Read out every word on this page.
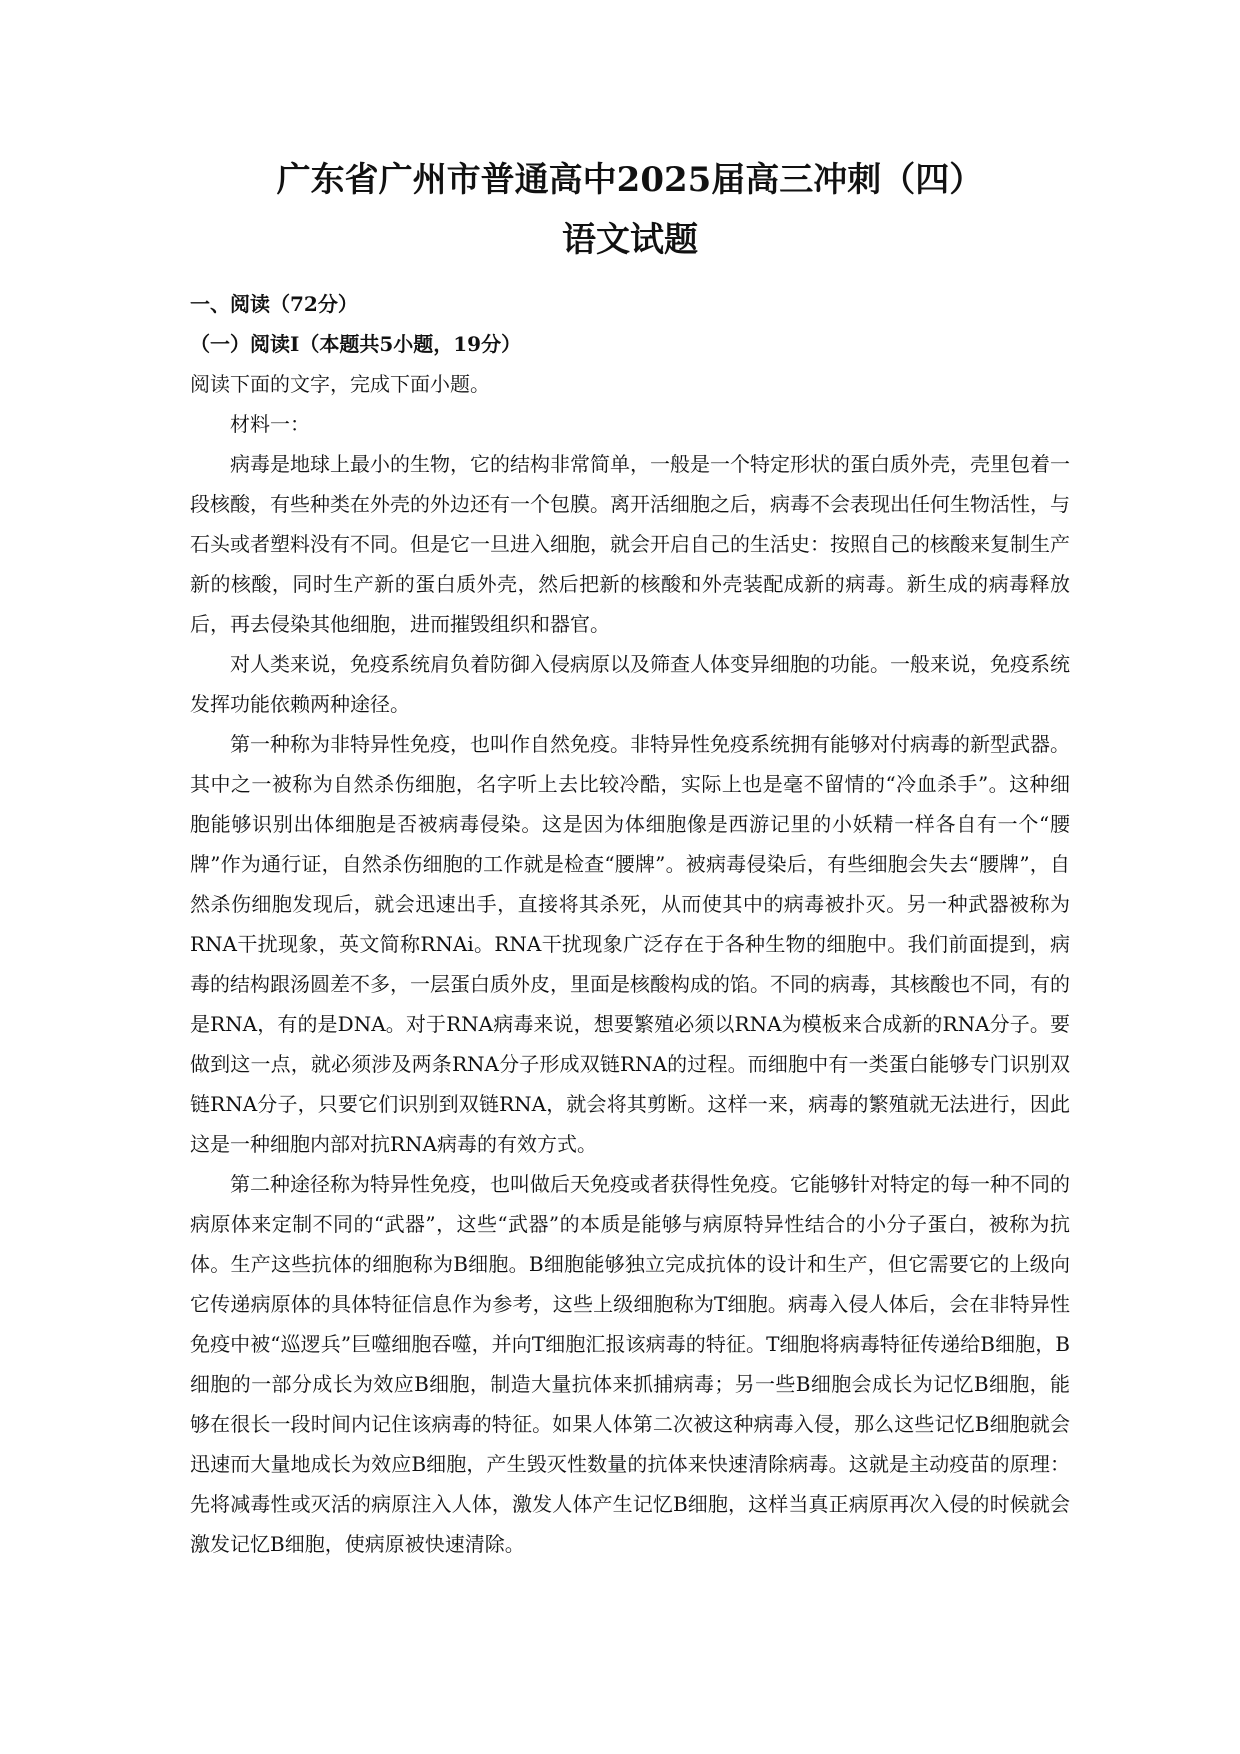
广东省广州市普通高中2025届高三冲刺（四）
语文试题

一、阅读（72分）

（一）阅读Ⅰ（本题共5小题，19分）

阅读下面的文字，完成下面小题。

材料一：

病毒是地球上最小的生物，它的结构非常简单，一般是一个特定形状的蛋白质外壳，壳里包着一段核酸，有些种类在外壳的外边还有一个包膜。离开活细胞之后，病毒不会表现出任何生物活性，与石头或者塑料没有不同。但是它一旦进入细胞，就会开启自己的生活史：按照自己的核酸来复制生产新的核酸，同时生产新的蛋白质外壳，然后把新的核酸和外壳装配成新的病毒。新生成的病毒释放后，再去侵染其他细胞，进而摧毁组织和器官。

对人类来说，免疫系统肩负着防御入侵病原以及筛查人体变异细胞的功能。一般来说，免疫系统发挥功能依赖两种途径。

第一种称为非特异性免疫，也叫作自然免疫。非特异性免疫系统拥有能够对付病毒的新型武器。其中之一被称为自然杀伤细胞，名字听上去比较冷酷，实际上也是毫不留情的“冷血杀手”。这种细胞能够识别出体细胞是否被病毒侵染。这是因为体细胞像是西游记里的小妖精一样各自有一个“腰牌”作为通行证，自然杀伤细胞的工作就是检查“腰牌”。被病毒侵染后，有些细胞会失去“腰牌”，自然杀伤细胞发现后，就会迅速出手，直接将其杀死，从而使其中的病毒被扑灭。另一种武器被称为RNA干扰现象，英文简称RNAi。RNA干扰现象广泛存在于各种生物的细胞中。我们前面提到，病毒的结构跟汤圆差不多，一层蛋白质外皮，里面是核酸构成的馅。不同的病毒，其核酸也不同，有的是RNA，有的是DNA。对于RNA病毒来说，想要繁殖必须以RNA为模板来合成新的RNA分子。要做到这一点，就必须涉及两条RNA分子形成双链RNA的过程。而细胞中有一类蛋白能够专门识别双链RNA分子，只要它们识别到双链RNA，就会将其剪断。这样一来，病毒的繁殖就无法进行，因此这是一种细胞内部对抗RNA病毒的有效方式。

第二种途径称为特异性免疫，也叫做后天免疫或者获得性免疫。它能够针对特定的每一种不同的病原体来定制不同的“武器”，这些“武器”的本质是能够与病原特异性结合的小分子蛋白，被称为抗体。生产这些抗体的细胞称为B细胞。B细胞能够独立完成抗体的设计和生产，但它需要它的上级向它传递病原体的具体特征信息作为参考，这些上级细胞称为T细胞。病毒入侵人体后，会在非特异性免疫中被“巡逻兵”巨噬细胞吞噬，并向T细胞汇报该病毒的特征。T细胞将病毒特征传递给B细胞，B细胞的一部分成长为效应B细胞，制造大量抗体来抓捕病毒；另一些B细胞会成长为记忆B细胞，能够在很长一段时间内记住该病毒的特征。如果人体第二次被这种病毒入侵，那么这些记忆B细胞就会迅速而大量地成长为效应B细胞，产生毁灭性数量的抗体来快速清除病毒。这就是主动疫苗的原理：先将减毒性或灭活的病原注入人体，激发人体产生记忆B细胞，这样当真正病原再次入侵的时候就会激发记忆B细胞，使病原被快速清除。
